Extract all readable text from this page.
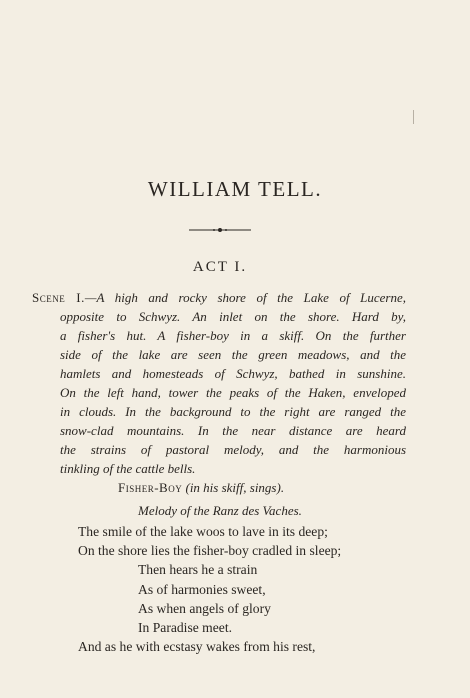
WILLIAM TELL.
ACT I.
Scene I.—A high and rocky shore of the Lake of Lucerne,
opposite to Schwyz. An inlet on the shore. Hard by,
a fisher's hut. A fisher-boy in a skiff. On the further
side of the lake are seen the green meadows, and the
hamlets and homesteads of Schwyz, bathed in sunshine.
On the left hand, tower the peaks of the Haken, enveloped
in clouds. In the background to the right are ranged the
snow-clad mountains. In the near distance are heard
the strains of pastoral melody, and the harmonious
tinkling of the cattle bells.
Fisher-Boy (in his skiff, sings).
Melody of the Ranz des Vaches.
The smile of the lake woos to lave in its deep;
On the shore lies the fisher-boy cradled in sleep;
Then hears he a strain
As of harmonies sweet,
As when angels of glory
In Paradise meet.
And as he with ecstasy wakes from his rest,
